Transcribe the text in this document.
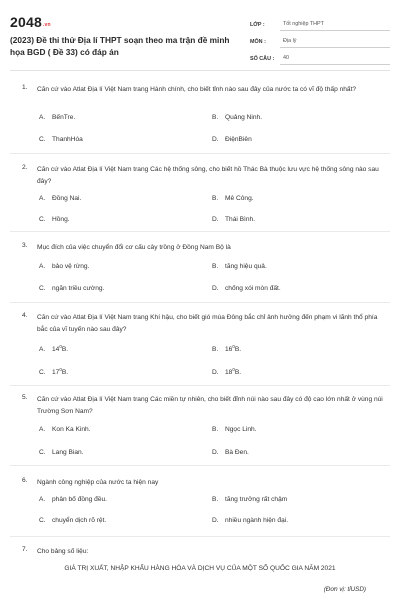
2048.vn
(2023) Đề thi thử Địa lí THPT soạn theo ma trận đề minh họa BGD ( Đề 33) có đáp án
LỚP :	Tốt nghiệp THPT
MÔN :	Địa lý
SỐ CÂU :	40
1. Căn cứ vào Atlat Địa lí Việt Nam trang Hành chính, cho biết tỉnh nào sau đây của nước ta có vĩ độ thấp nhất?
A. BếnTre.	B. Quảng Ninh.
C. ThanhHóa	D. ĐiệnBiên
2. Căn cứ vào Atlat Địa lí Việt Nam trang Các hệ thống sông, cho biết hồ Thác Bà thuộc lưu vực hệ thống sông nào sau đây?
A. Đồng Nai.	B. Mê Công.
C. Hồng.	D. Thái Bình.
3. Mục đích của việc chuyển đổi cơ cấu cây trồng ở Đồng Nam Bộ là
A. bảo vệ rừng.	B. tăng hiệu quả.
C. ngăn triều cường.	D. chống xói mòn đất.
4. Căn cứ vào Atlat Địa lí Việt Nam trang Khí hậu, cho biết gió mùa Đông bắc chỉ ảnh hưởng đến phạm vi lãnh thổ phía bắc của vĩ tuyến nào sau đây?
A. $14^0B$.	B. $16^0B$.
C. $17^0B$.	D. $18^0B$.
5. Căn cứ vào Atlat Địa lí Việt Nam trang Các miền tự nhiên, cho biết đỉnh núi nào sau đây có độ cao lớn nhất ở vùng núi Trường Sơn Nam?
A. Kon Ka Kinh.	B. Ngọc Linh.
C. Lang Bian.	D. Bà Đen.
6. Ngành công nghiệp của nước ta hiện nay
A. phân bố đồng đều.	B. tăng trưởng rất chậm
C. chuyển dịch rõ rệt.	D. nhiều ngành hiện đại.
7. Cho bảng số liệu:
GIÁ TRỊ XUẤT, NHẬP KHẨU HÀNG HÓA VÀ DỊCH VỤ CỦA MỘT SỐ QUỐC GIA NĂM 2021
(Đơn vị: tỉUSD)
